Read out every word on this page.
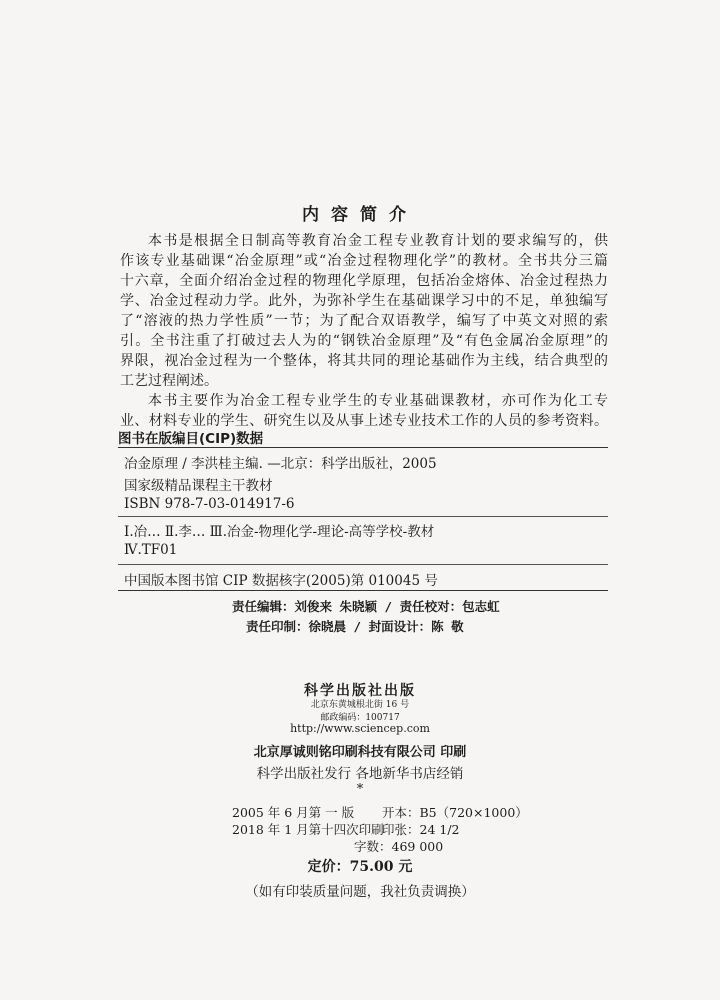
内容简介

本书是根据全日制高等教育冶金工程专业教育计划的要求编写的，供
作该专业基础课“冶金原理”或“冶金过程物理化学”的教材。全书共分三篇
十六章，全面介绍冶金过程的物理化学原理，包括冶金熔体、冶金过程热力
学、冶金过程动力学。此外，为弥补学生在基础课学习中的不足，单独编写
了“溶液的热力学性质”一节；为了配合双语教学，编写了中英文对照的索
引。全书注重了打破过去人为的“钢铁冶金原理”及“有色金属冶金原理”的
界限，视冶金过程为一个整体，将其共同的理论基础作为主线，结合典型的
工艺过程阐述。

本书主要作为冶金工程专业学生的专业基础课教材，亦可作为化工专
业、材料专业的学生、研究生以及从事上述专业技术工作的人员的参考资料。

图书在版编目(CIP)数据
冶金原理 / 李洪桂主编. —北京：科学出版社，2005
国家级精品课程主干教材
ISBN 978-7-03-014917-6
Ⅰ.冶… Ⅱ.李… Ⅲ.冶金-物理化学-理论-高等学校-教材
Ⅳ.TF01
中国版本图书馆 CIP 数据核字(2005)第 010045 号
责任编辑：刘俊来 朱晓颖 / 责任校对：包志虹
责任印制：徐晓晨 / 封面设计：陈 敬
科学出版社出版
北京东黄城根北街 16 号
邮政编码：100717
http://www.sciencep.com
北京厚诚则铭印刷科技有限公司 印刷
科学出版社发行 各地新华书店经销
*
2005 年 6 月第 一 版 开本：B5（720×1000）
2018 年 1 月第十四次印刷
印张：24 1/2
字数：469 000
定价：75.00 元
（如有印装质量问题，我社负责调换）
